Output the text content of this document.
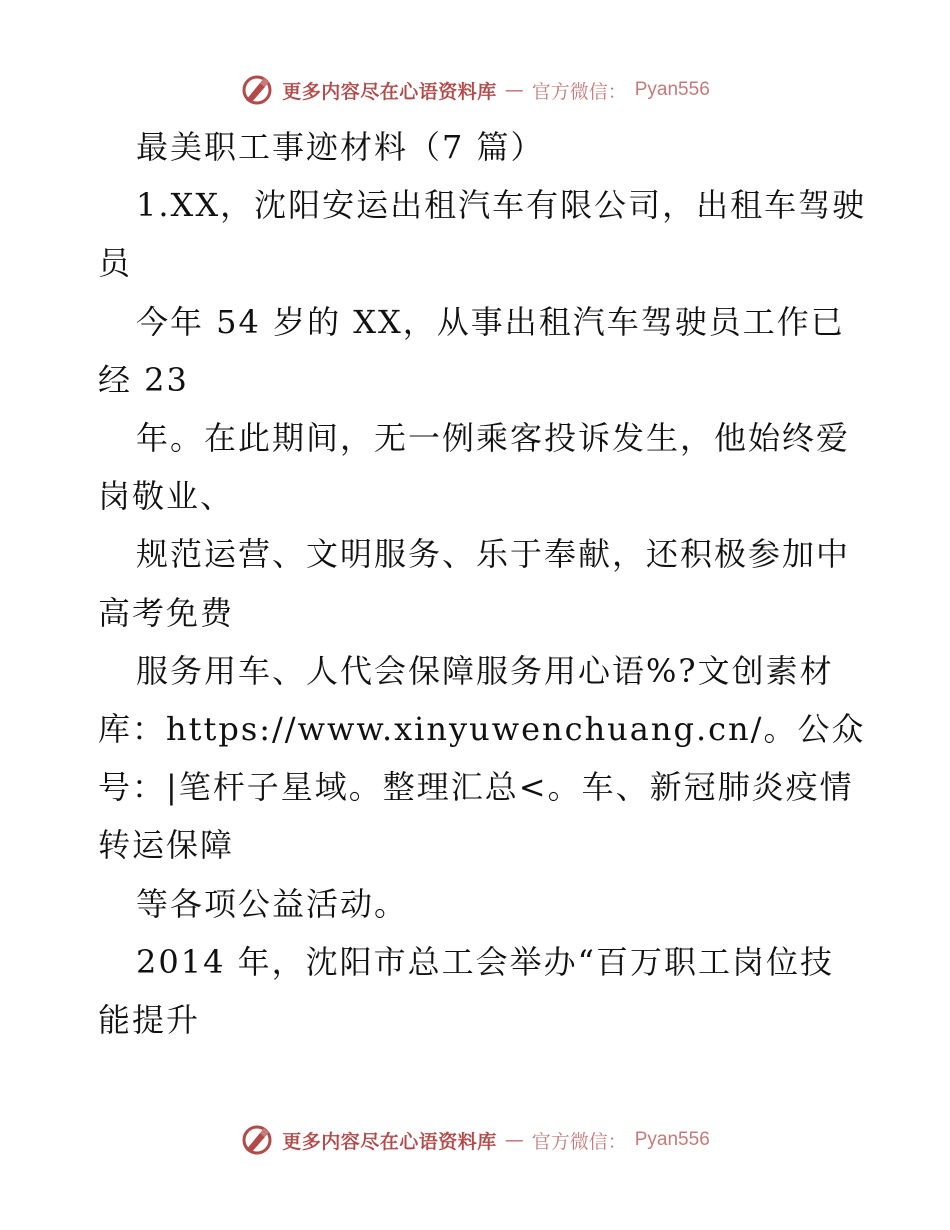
更多内容尽在心语资料库 — 官方微信： Pyan556
最美职工事迹材料（7 篇）
1.XX，沈阳安运出租汽车有限公司，出租车驾驶
员
今年 54 岁的 XX，从事出租汽车驾驶员工作已
经 23
年。在此期间，无一例乘客投诉发生，他始终爱
岗敬业、
规范运营、文明服务、乐于奉献，还积极参加中
高考免费
服务用车、人代会保障服务用心语%?文创素材
库：https://www.xinyuwenchuang.cn/。公众
号：|笔杆子星域。整理汇总<。车、新冠肺炎疫情
转运保障
等各项公益活动。
2014 年，沈阳市总工会举办“百万职工岗位技
能提升
更多内容尽在心语资料库 — 官方微信： Pyan556
